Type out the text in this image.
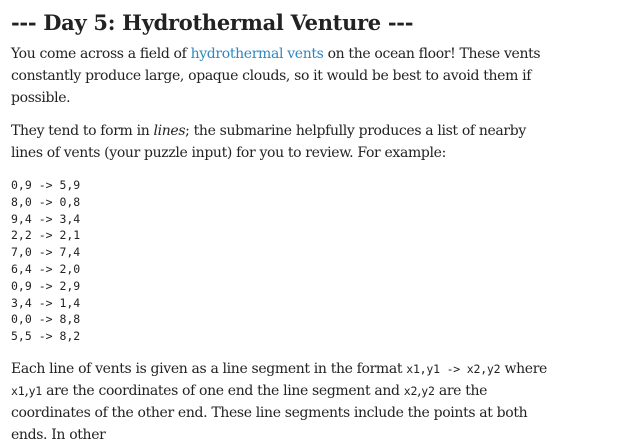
--- Day 5: Hydrothermal Venture ---

You come across a field of hydrothermal vents on the ocean floor! These vents constantly produce large, opaque clouds, so it would be best to avoid them if possible.

They tend to form in lines; the submarine helpfully produces a list of nearby lines of vents (your puzzle input) for you to review. For example:

0,9 -> 5,9
8,0 -> 0,8
9,4 -> 3,4
2,2 -> 2,1
7,0 -> 7,4
6,4 -> 2,0
0,9 -> 2,9
3,4 -> 1,4
0,0 -> 8,8
5,5 -> 8,2

Each line of vents is given as a line segment in the format x1,y1 -> x2,y2 where x1,y1 are the coordinates of one end the line segment and x2,y2 are the coordinates of the other end. These line segments include the points at both ends. In other
